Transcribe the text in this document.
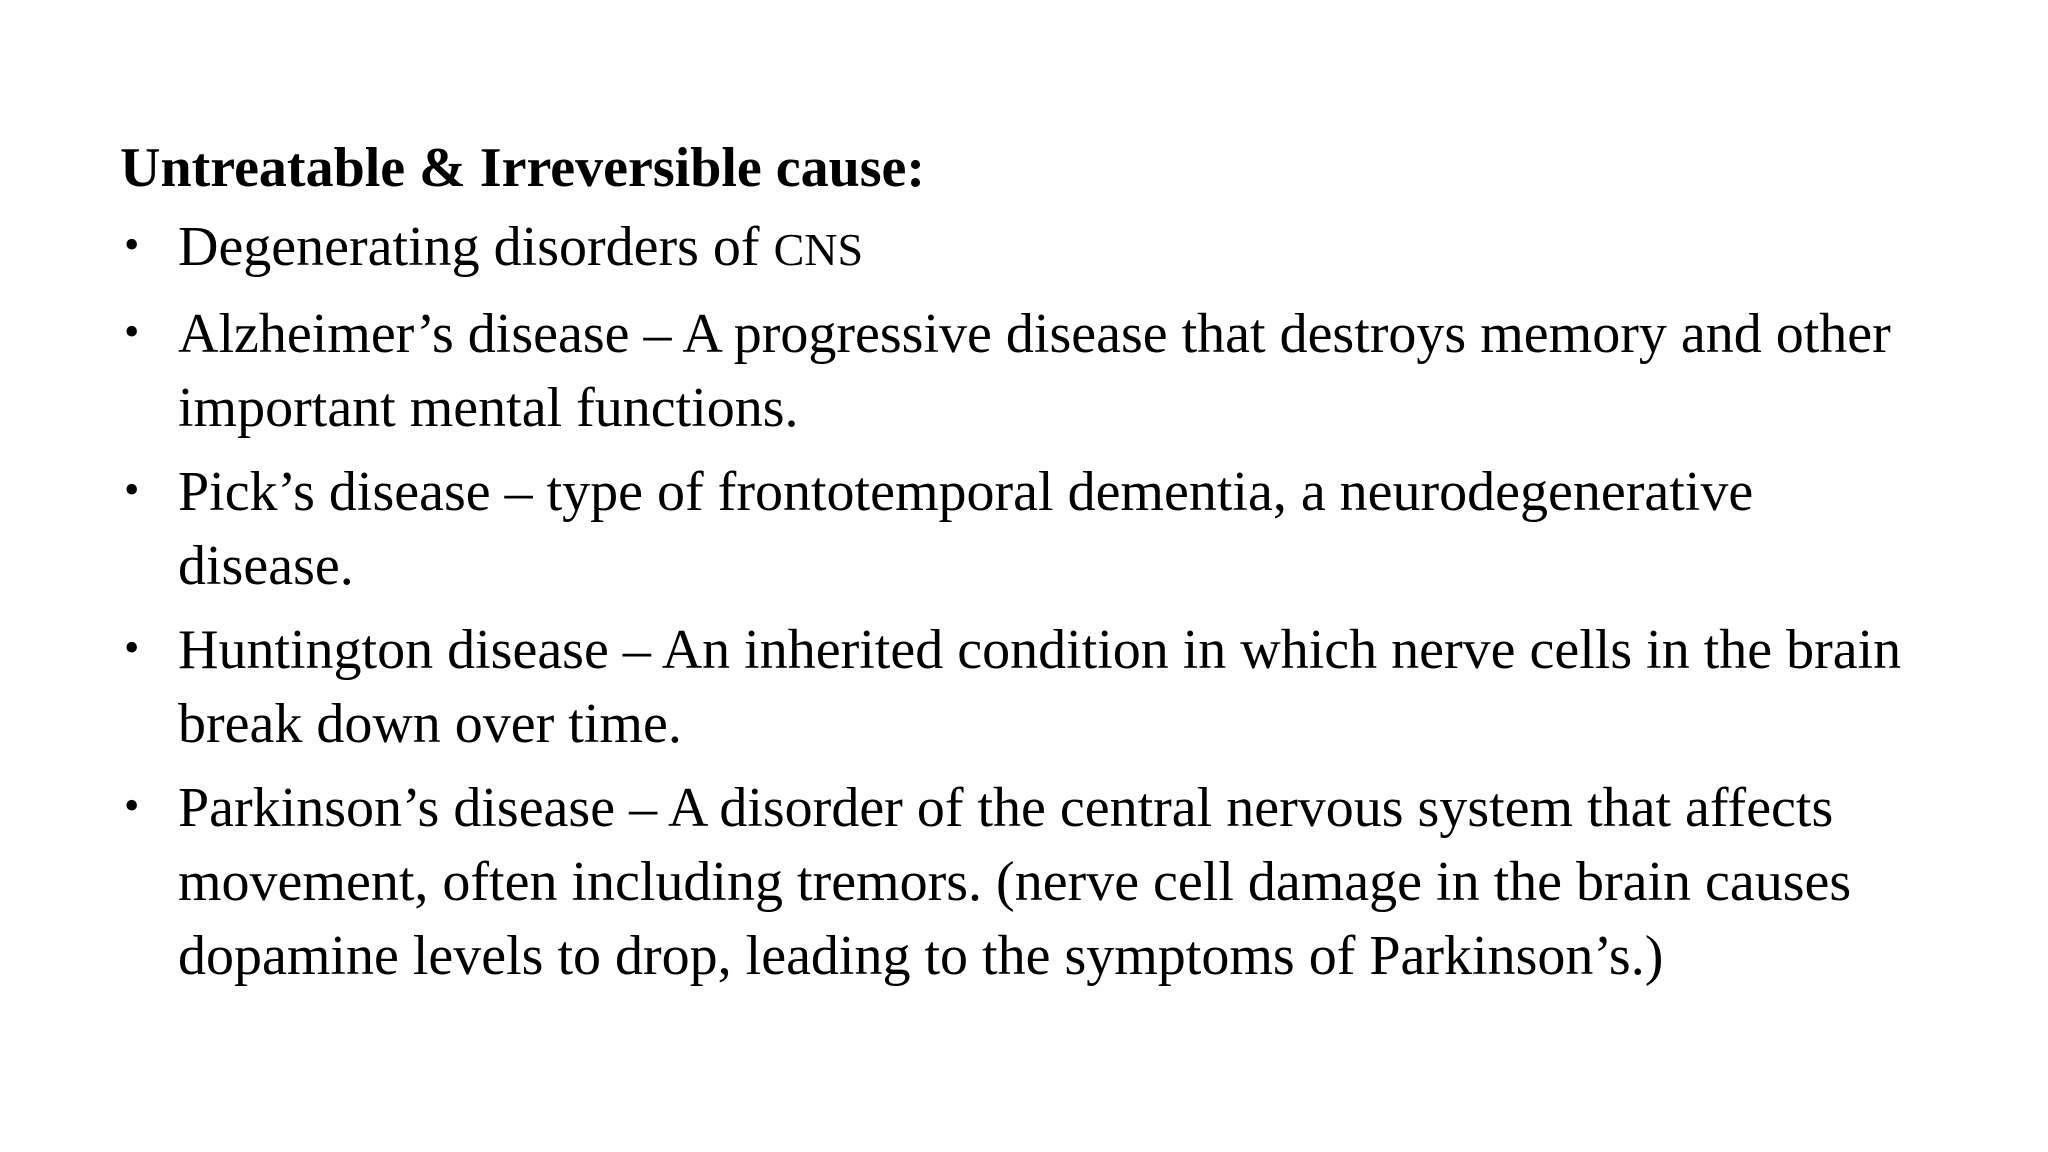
Untreatable & Irreversible cause:

• Degenerating disorders of CNS
• Alzheimer’s disease – A progressive disease that destroys memory and other important mental functions.
• Pick’s disease – type of frontotemporal dementia, a neurodegenerative disease.
• Huntington disease – An inherited condition in which nerve cells in the brain break down over time.
• Parkinson’s disease – A disorder of the central nervous system that affects movement, often including tremors. (nerve cell damage in the brain causes dopamine levels to drop, leading to the symptoms of Parkinson’s.)
